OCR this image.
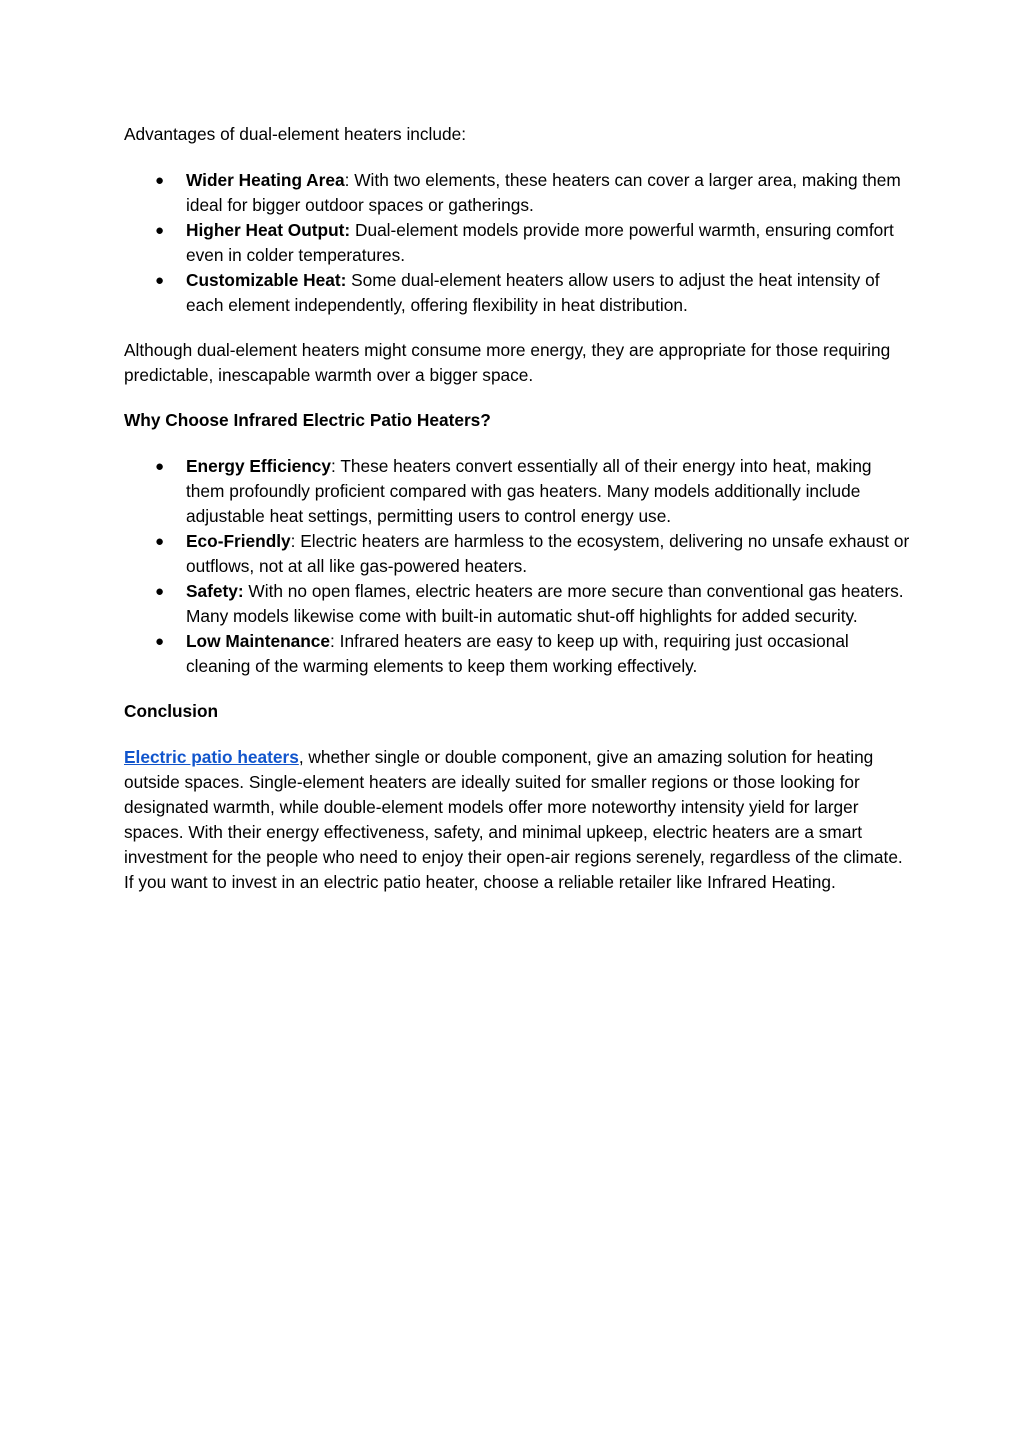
Advantages of dual-element heaters include:

● Wider Heating Area: With two elements, these heaters can cover a larger area, making them ideal for bigger outdoor spaces or gatherings.
● Higher Heat Output: Dual-element models provide more powerful warmth, ensuring comfort even in colder temperatures.
● Customizable Heat: Some dual-element heaters allow users to adjust the heat intensity of each element independently, offering flexibility in heat distribution.

Although dual-element heaters might consume more energy, they are appropriate for those requiring predictable, inescapable warmth over a bigger space.

Why Choose Infrared Electric Patio Heaters?

● Energy Efficiency: These heaters convert essentially all of their energy into heat, making them profoundly proficient compared with gas heaters. Many models additionally include adjustable heat settings, permitting users to control energy use.
● Eco-Friendly: Electric heaters are harmless to the ecosystem, delivering no unsafe exhaust or outflows, not at all like gas-powered heaters.
● Safety: With no open flames, electric heaters are more secure than conventional gas heaters. Many models likewise come with built-in automatic shut-off highlights for added security.
● Low Maintenance: Infrared heaters are easy to keep up with, requiring just occasional cleaning of the warming elements to keep them working effectively.

Conclusion

Electric patio heaters, whether single or double component, give an amazing solution for heating outside spaces. Single-element heaters are ideally suited for smaller regions or those looking for designated warmth, while double-element models offer more noteworthy intensity yield for larger spaces. With their energy effectiveness, safety, and minimal upkeep, electric heaters are a smart investment for the people who need to enjoy their open-air regions serenely, regardless of the climate. If you want to invest in an electric patio heater, choose a reliable retailer like Infrared Heating.
